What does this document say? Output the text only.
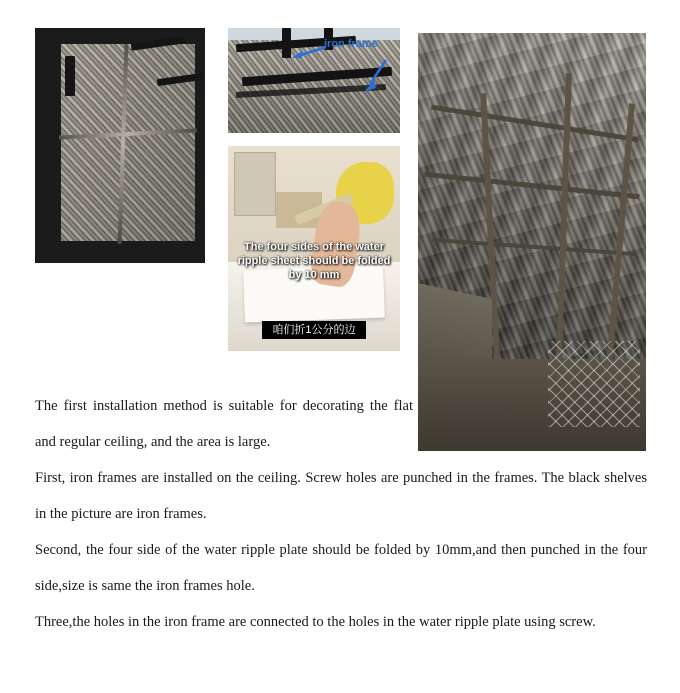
iron frame
The four sides of the water ripple sheet should be folded by 10 mm
咱们折1公分的边

The first installation method is suitable for decorating the flat and regular ceiling, and the area is large.

First, iron frames are installed on the ceiling. Screw holes are punched in the frames. The black shelves in the picture are iron frames.

Second, the four side of the water ripple plate should be folded by 10mm,and then punched in the four side,size is same the iron frames hole.

Three,the holes in the iron frame are connected to the holes in the water ripple plate using screw.
